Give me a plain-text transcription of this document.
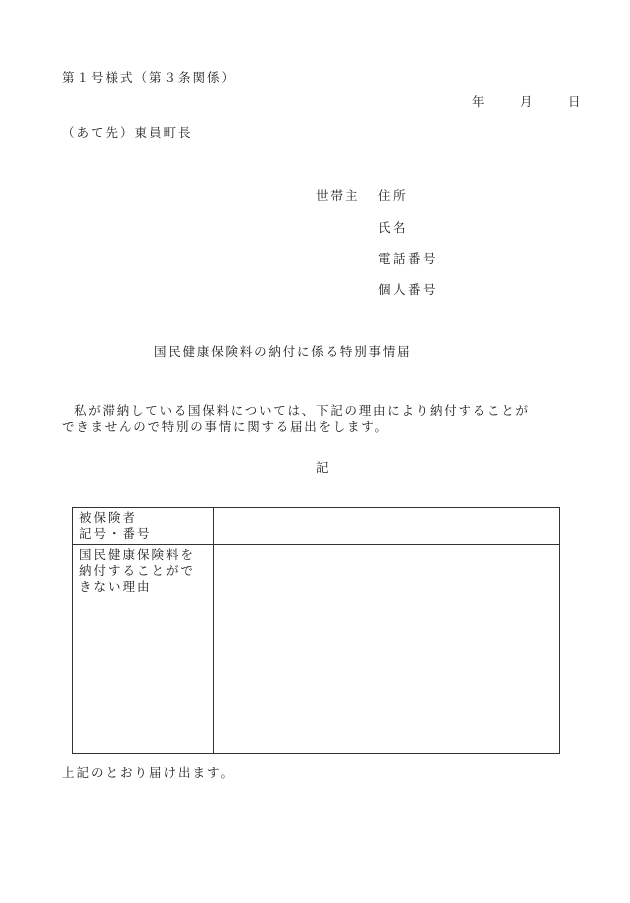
第１号様式（第３条関係）
年	月	日
（あて先）東員町長
世帯主 住所
氏名
電話番号
個人番号
国民健康保険料の納付に係る特別事情届
私が滞納している国保料については、下記の理由により納付することが
できませんので特別の事情に関する届出をします。
記
被保険者
記号・番号	

国民健康保険料を
納付することがで
きない理由	

上記のとおり届け出ます。
